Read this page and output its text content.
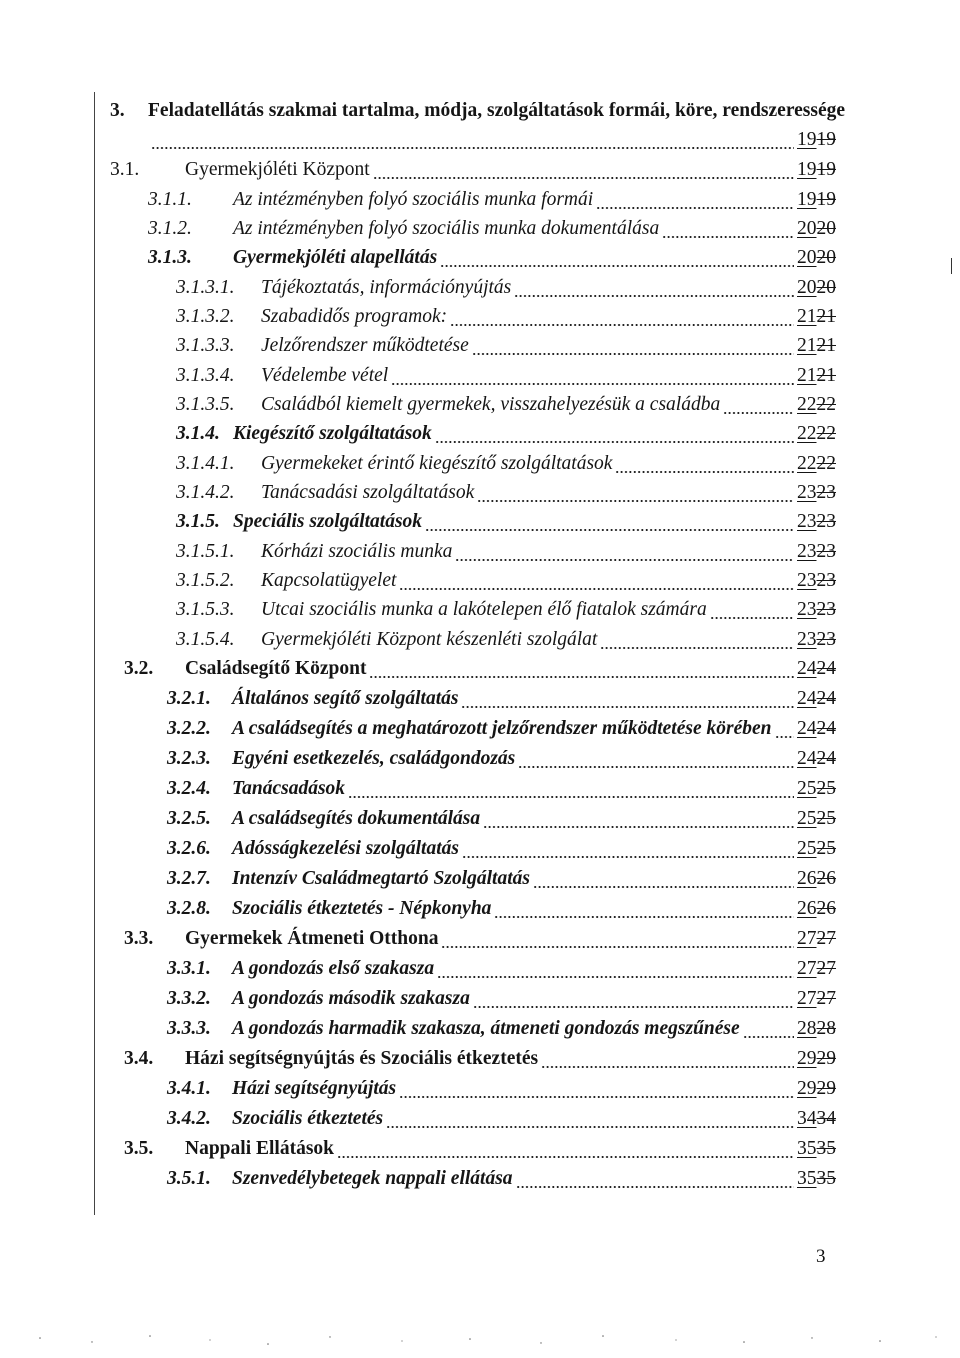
3. Feladatellátás szakmai tartalma, módja, szolgáltatások formái, köre, rendszeressége
1919
3.1. Gyermekjóléti Központ	1919
3.1.1. Az intézményben folyó szociális munka formái	1919
3.1.2. Az intézményben folyó szociális munka dokumentálása	2020
3.1.3. Gyermekjóléti alapellátás	2020
3.1.3.1. Tájékoztatás, információnyújtás	2020
3.1.3.2. Szabadidős programok:	2121
3.1.3.3. Jelzőrendszer működtetése	2121
3.1.3.4. Védelembe vétel	2121
3.1.3.5. Családból kiemelt gyermekek, visszahelyezésük a családba	2222
3.1.4. Kiegészítő szolgáltatások	2222
3.1.4.1. Gyermekeket érintő kiegészítő szolgáltatások	2222
3.1.4.2. Tanácsadási szolgáltatások	2323
3.1.5. Speciális szolgáltatások	2323
3.1.5.1. Kórházi szociális munka	2323
3.1.5.2. Kapcsolatügyelet	2323
3.1.5.3. Utcai szociális munka a lakótelepen élő fiatalok számára	2323
3.1.5.4. Gyermekjóléti Központ készenléti szolgálat	2323
3.2. Családsegítő Központ	2424
3.2.1. Általános segítő szolgáltatás	2424
3.2.2. A családsegítés a meghatározott jelzőrendszer működtetése körében 2424
3.2.3. Egyéni esetkezelés, családgondozás	2424
3.2.4. Tanácsadások	2525
3.2.5. A családsegítés dokumentálása	2525
3.2.6. Adósságkezelési szolgáltatás	2525
3.2.7. Intenzív Családmegtartó Szolgáltatás	2626
3.2.8. Szociális étkeztetés - Népkonyha	2626
3.3. Gyermekek Átmeneti Otthona	2727
3.3.1. A gondozás első szakasza	2727
3.3.2. A gondozás második szakasza	2727
3.3.3. A gondozás harmadik szakasza, átmeneti gondozás megszűnése	2828
3.4. Házi segítségnyújtás és Szociális étkeztetés	2929
3.4.1. Házi segítségnyújtás	2929
3.4.2. Szociális étkeztetés	3434
3.5. Nappali Ellátások	3535
3.5.1. Szenvedélybetegek nappali ellátása	3535
3
